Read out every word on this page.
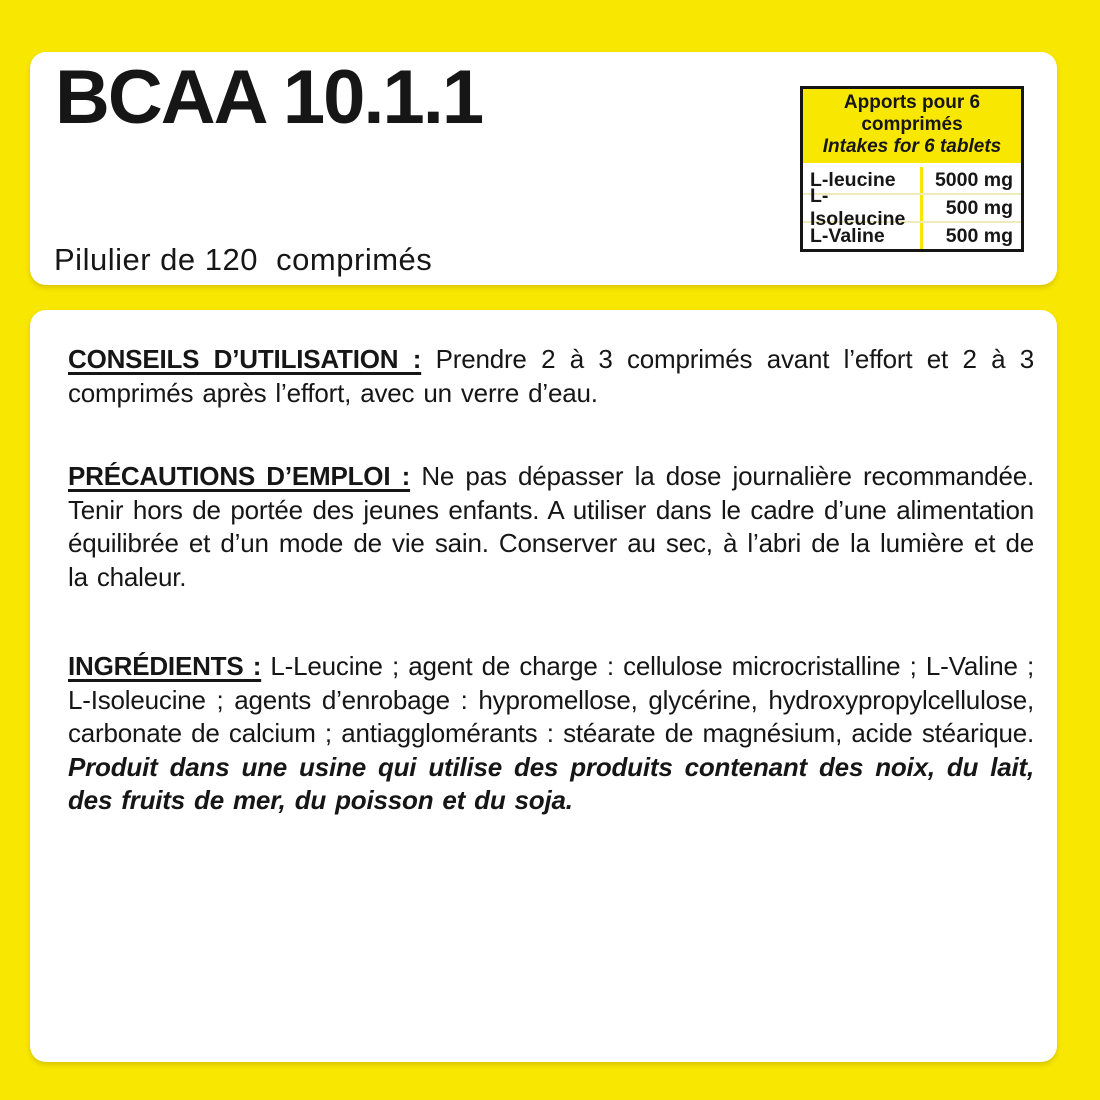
BCAA 10.1.1
Pilulier de 120  comprimés
Apports pour 6 comprimés
Intakes for 6 tablets
L-leucine	5000 mg
L-Isoleucine
500 mg
L-Valine	500 mg

CONSEILS D’UTILISATION : Prendre 2 à 3 comprimés avant l’effort et 2 à 3 comprimés après l’effort, avec un verre d’eau.

PRÉCAUTIONS D’EMPLOI : Ne pas dépasser la dose journalière recommandée. Tenir hors de portée des jeunes enfants. A utiliser dans le cadre d’une alimentation équilibrée et d’un mode de vie sain. Conserver au sec, à l’abri de la lumière et de la chaleur.

INGRÉDIENTS : L-Leucine ; agent de charge : cellulose microcristalline ; L-Valine ; L-Isoleucine ; agents d’enrobage : hypromellose, glycérine, hydroxypropylcellulose, carbonate de calcium ; antiagglomérants : stéarate de magnésium, acide stéarique. Produit dans une usine qui utilise des produits contenant des noix, du lait, des fruits de mer, du poisson et du soja.
